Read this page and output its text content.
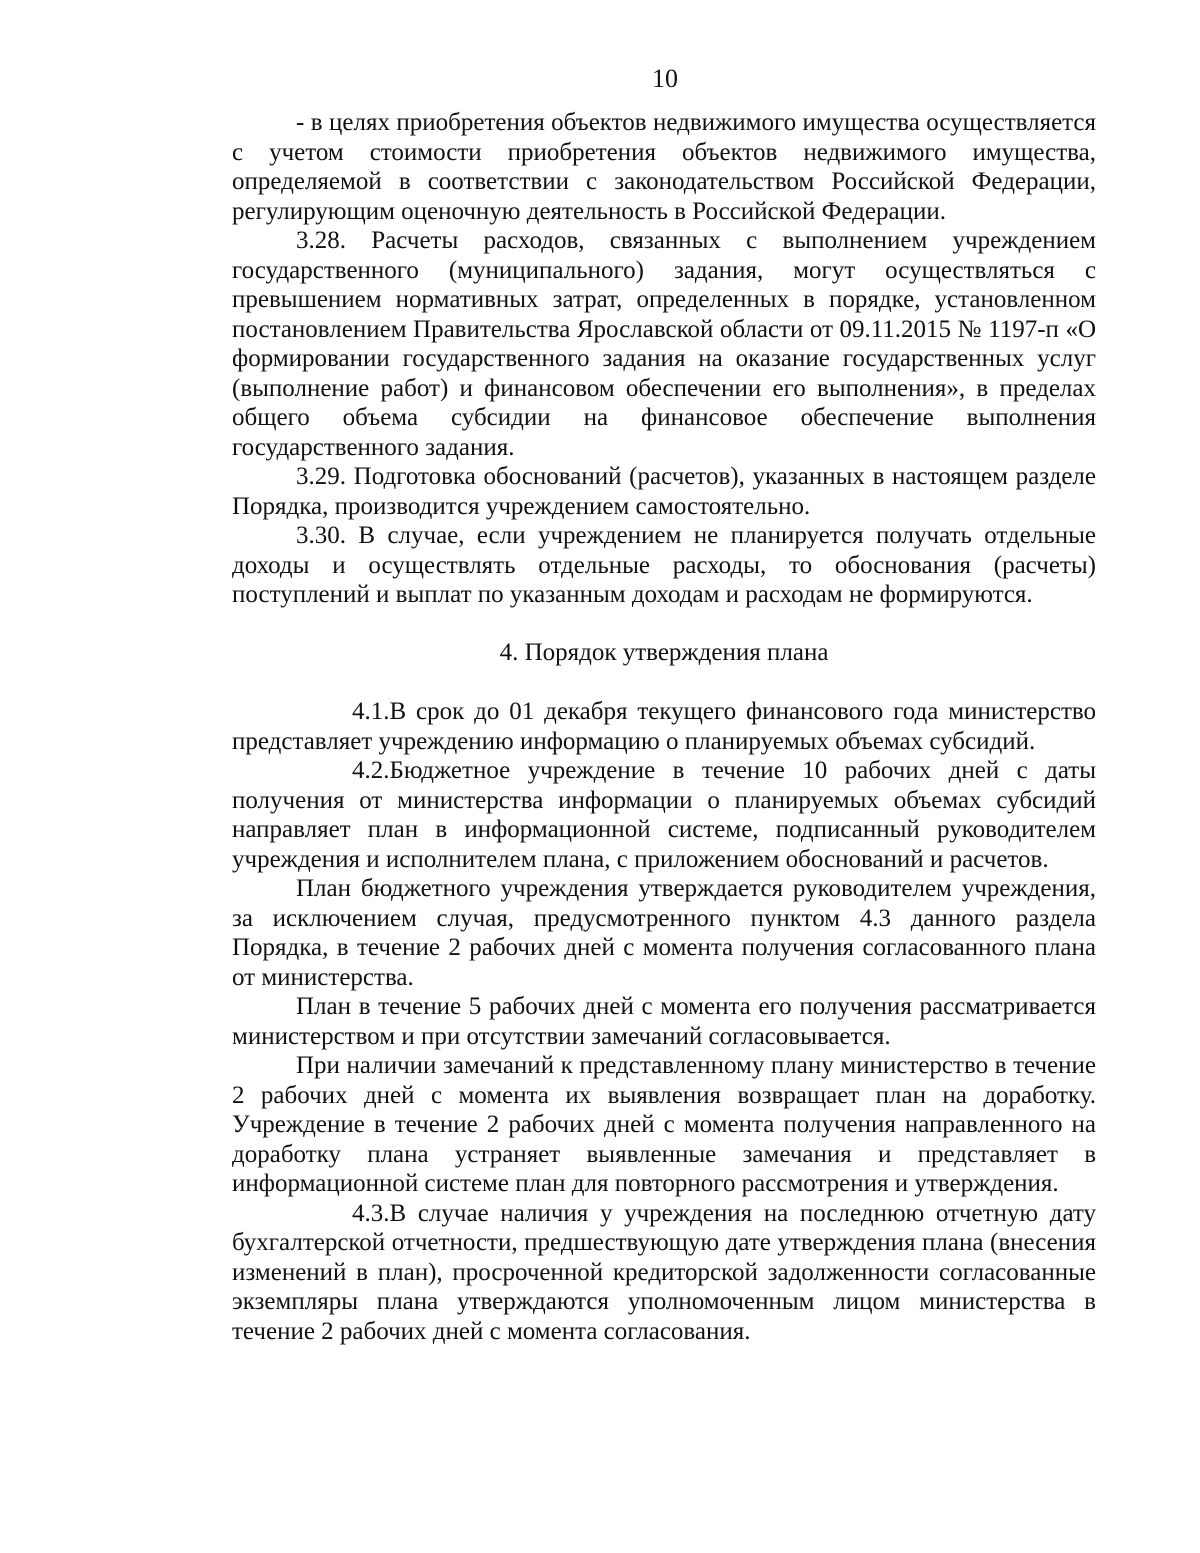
10

- в целях приобретения объектов недвижимого имущества осуществляется с учетом стоимости приобретения объектов недвижимого имущества, определяемой в соответствии с законодательством Российской Федерации, регулирующим оценочную деятельность в Российской Федерации.

3.28. Расчеты расходов, связанных с выполнением учреждением государственного (муниципального) задания, могут осуществляться с превышением нормативных затрат, определенных в порядке, установленном постановлением Правительства Ярославской области от 09.11.2015 № 1197-п «О формировании государственного задания на оказание государственных услуг (выполнение работ) и финансовом обеспечении его выполнения», в пределах общего объема субсидии на финансовое обеспечение выполнения государственного задания.

3.29. Подготовка обоснований (расчетов), указанных в настоящем разделе Порядка, производится учреждением самостоятельно.

3.30. В случае, если учреждением не планируется получать отдельные доходы и осуществлять отдельные расходы, то обоснования (расчеты) поступлений и выплат по указанным доходам и расходам не формируются.

4. Порядок утверждения плана

4.1.В срок до 01 декабря текущего финансового года министерство представляет учреждению информацию о планируемых объемах субсидий.

4.2.Бюджетное учреждение в течение 10 рабочих дней с даты получения от министерства информации о планируемых объемах субсидий направляет план в информационной системе, подписанный руководителем учреждения и исполнителем плана, с приложением обоснований и расчетов.

План бюджетного учреждения утверждается руководителем учреждения, за исключением случая, предусмотренного пунктом 4.3 данного раздела Порядка, в течение 2 рабочих дней с момента получения согласованного плана от министерства.

План в течение 5 рабочих дней с момента его получения рассматривается министерством и при отсутствии замечаний согласовывается.

При наличии замечаний к представленному плану министерство в течение 2 рабочих дней с момента их выявления возвращает план на доработку. Учреждение в течение 2 рабочих дней с момента получения направленного на доработку плана устраняет выявленные замечания и представляет в информационной системе план для повторного рассмотрения и утверждения.

4.3.В случае наличия у учреждения на последнюю отчетную дату бухгалтерской отчетности, предшествующую дате утверждения плана (внесения изменений в план), просроченной кредиторской задолженности согласованные экземпляры плана утверждаются уполномоченным лицом министерства в течение 2 рабочих дней с момента согласования.
